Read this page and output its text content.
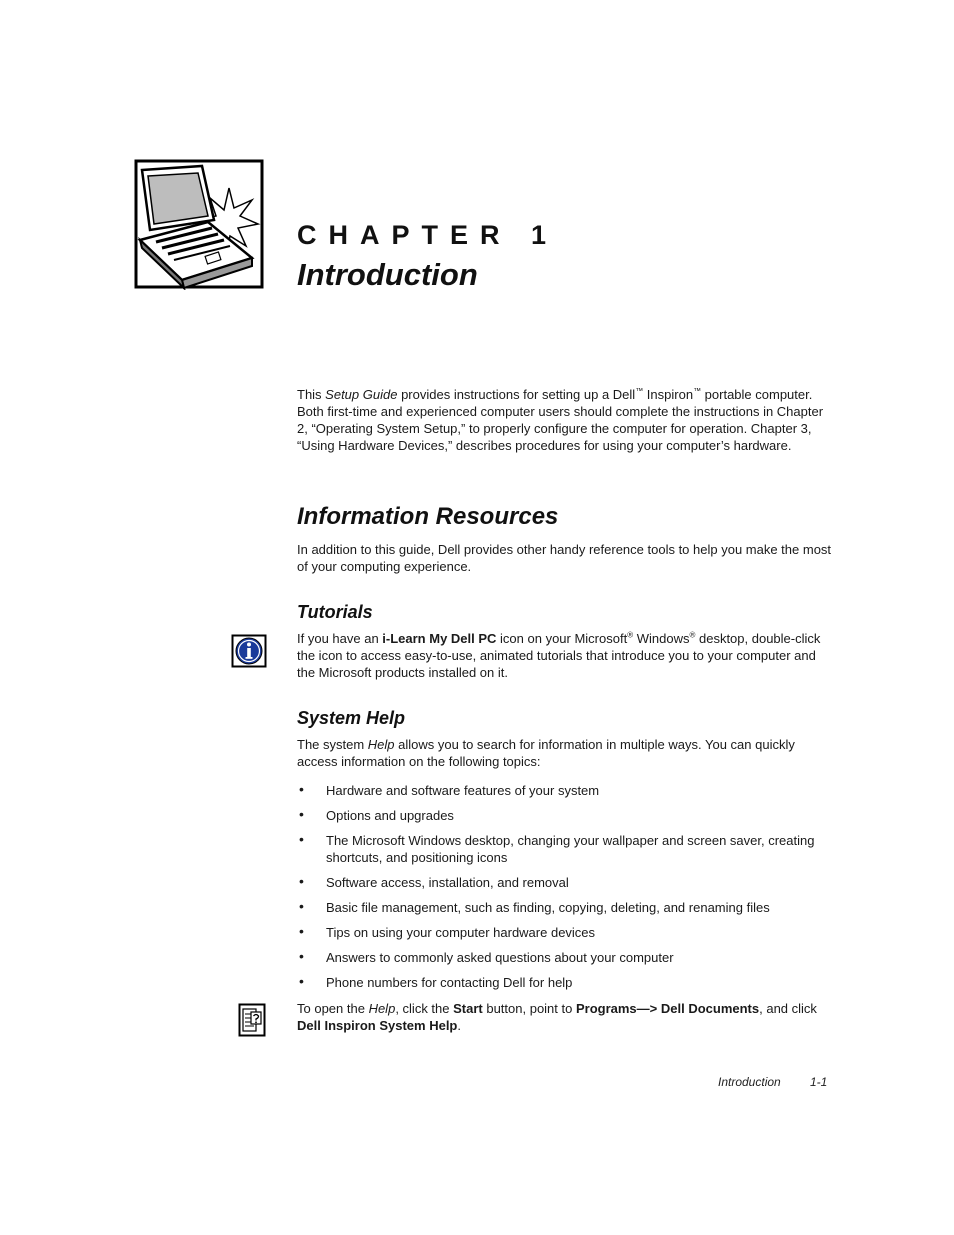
CHAPTER 1
Introduction
This Setup Guide provides instructions for setting up a Dell™ Inspiron™ portable computer. Both first-time and experienced computer users should complete the instructions in Chapter 2, “Operating System Setup,” to properly configure the computer for operation. Chapter 3, “Using Hardware Devices,” describes procedures for using your computer’s hardware.
Information Resources
In addition to this guide, Dell provides other handy reference tools to help you make the most of your computing experience.
Tutorials
If you have an i-Learn My Dell PC icon on your Microsoft® Windows® desktop, double-click the icon to access easy-to-use, animated tutorials that introduce you to your computer and the Microsoft products installed on it.
System Help
The system Help allows you to search for information in multiple ways. You can quickly access information on the following topics:
• Hardware and software features of your system
• Options and upgrades
• The Microsoft Windows desktop, changing your wallpaper and screen saver, creating shortcuts, and positioning icons
• Software access, installation, and removal
• Basic file management, such as finding, copying, deleting, and renaming files
• Tips on using your computer hardware devices
• Answers to commonly asked questions about your computer
• Phone numbers for contacting Dell for help
To open the Help, click the Start button, point to Programs—> Dell Documents, and click Dell Inspiron System Help.
Introduction 1-1
